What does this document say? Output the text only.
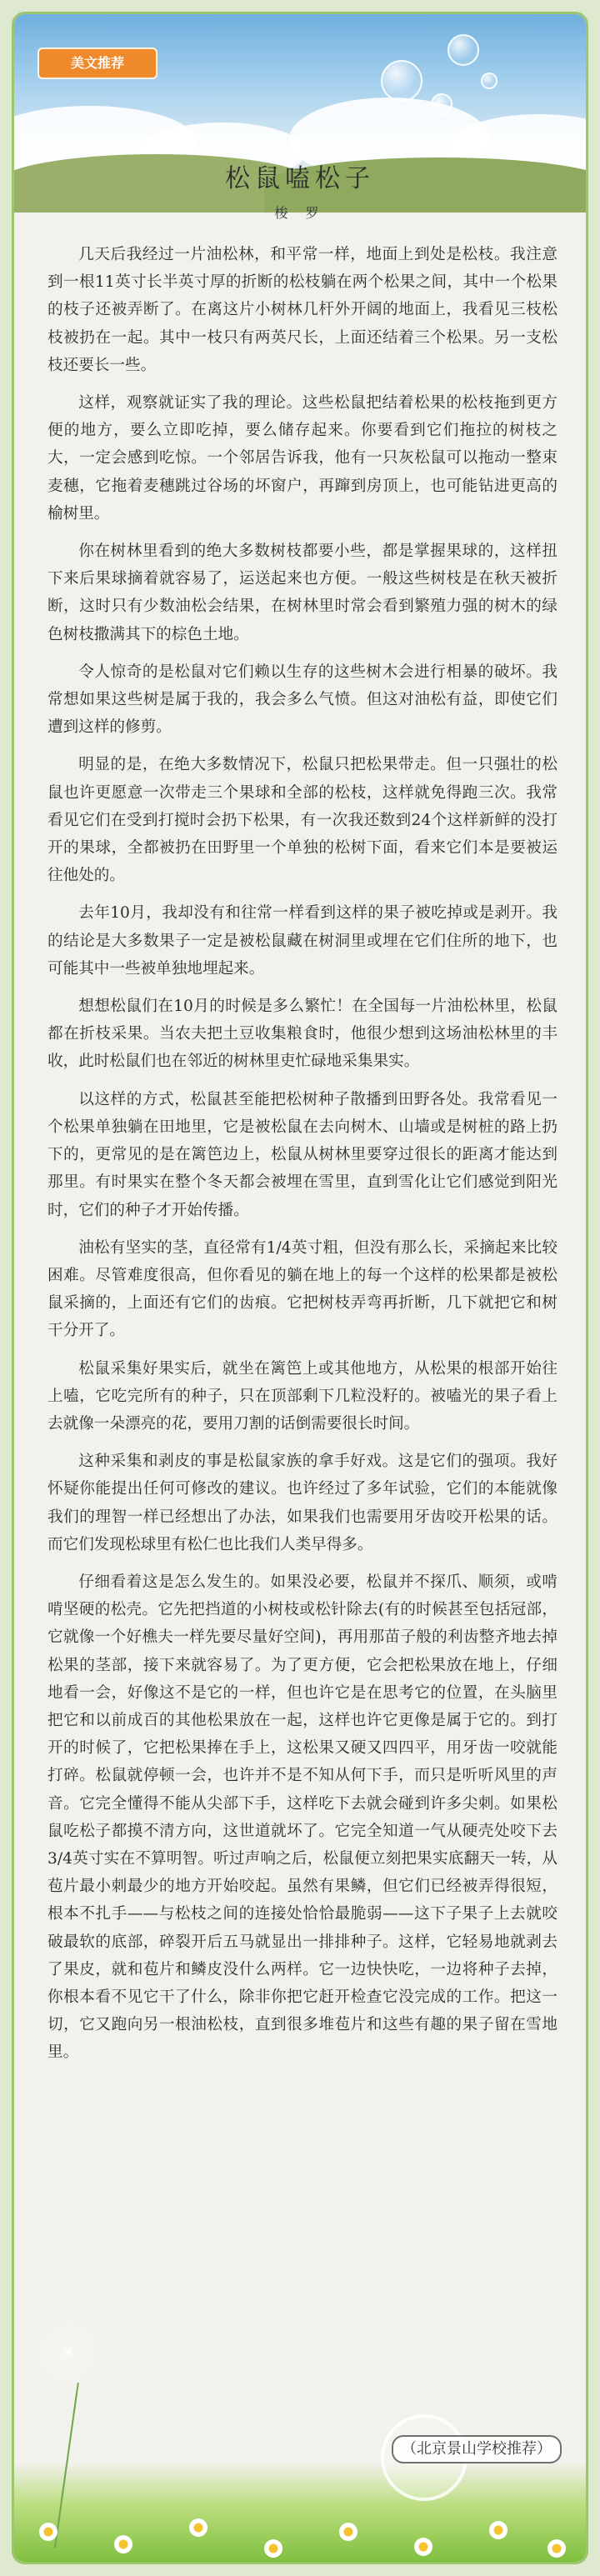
美文推荐
松鼠嗑松子
梭 罗

几天后我经过一片油松林，和平常一样，地面上到处是松枝。我注意到一根11英寸长半英寸厚的折断的松枝躺在两个松果之间，其中一个松果的枝子还被弄断了。在离这片小树林几杆外开阔的地面上，我看见三枝松枝被扔在一起。其中一枝只有两英尺长，上面还结着三个松果。另一支松枝还要长一些。

这样，观察就证实了我的理论。这些松鼠把结着松果的松枝拖到更方便的地方，要么立即吃掉，要么储存起来。你要看到它们拖拉的树枝之大，一定会感到吃惊。一个邻居告诉我，他有一只灰松鼠可以拖动一整束麦穗，它拖着麦穗跳过谷场的坏窗户，再蹿到房顶上，也可能钻进更高的榆树里。

你在树林里看到的绝大多数树枝都要小些，都是掌握果球的，这样扭下来后果球摘着就容易了，运送起来也方便。一般这些树枝是在秋天被折断，这时只有少数油松会结果，在树林里时常会看到繁殖力强的树木的绿色树枝撒满其下的棕色土地。

令人惊奇的是松鼠对它们赖以生存的这些树木会进行相暴的破坏。我常想如果这些树是属于我的，我会多么气愤。但这对油松有益，即使它们遭到这样的修剪。

明显的是，在绝大多数情况下，松鼠只把松果带走。但一只强壮的松鼠也许更愿意一次带走三个果球和全部的松枝，这样就免得跑三次。我常看见它们在受到打搅时会扔下松果，有一次我还数到24个这样新鲜的没打开的果球，全都被扔在田野里一个单独的松树下面，看来它们本是要被运往他处的。

去年10月，我却没有和往常一样看到这样的果子被吃掉或是剥开。我的结论是大多数果子一定是被松鼠藏在树洞里或埋在它们住所的地下，也可能其中一些被单独地埋起来。

想想松鼠们在10月的时候是多么繁忙！在全国每一片油松林里，松鼠都在折枝采果。当农夫把土豆收集粮食时，他很少想到这场油松林里的丰收，此时松鼠们也在邻近的树林里吏忙碌地采集果实。

以这样的方式，松鼠甚至能把松树种子散播到田野各处。我常看见一个松果单独躺在田地里，它是被松鼠在去向树木、山墙或是树桩的路上扔下的，更常见的是在篱笆边上，松鼠从树林里要穿过很长的距离才能达到那里。有时果实在整个冬天都会被埋在雪里，直到雪化让它们感觉到阳光时，它们的种子才开始传播。

油松有坚实的茎，直径常有1/4英寸粗，但没有那么长，采摘起来比较困难。尽管难度很高，但你看见的躺在地上的每一个这样的松果都是被松鼠采摘的，上面还有它们的齿痕。它把树枝弄弯再折断，几下就把它和树干分开了。

松鼠采集好果实后，就坐在篱笆上或其他地方，从松果的根部开始往上嗑，它吃完所有的种子，只在顶部剩下几粒没籽的。被嗑光的果子看上去就像一朵漂亮的花，要用刀割的话倒需要很长时间。

这种采集和剥皮的事是松鼠家族的拿手好戏。这是它们的强项。我好怀疑你能提出任何可修改的建议。也许经过了多年试验，它们的本能就像我们的理智一样已经想出了办法，如果我们也需要用牙齿咬开松果的话。而它们发现松球里有松仁也比我们人类早得多。

仔细看着这是怎么发生的。如果没必要，松鼠并不探爪、顺须，或啃啃坚硬的松壳。它先把挡道的小树枝或松针除去(有的时候甚至包括冠部，它就像一个好樵夫一样先要尽量好空间)，再用那苗子般的利齿整齐地去掉松果的茎部，接下来就容易了。为了更方便，它会把松果放在地上，仔细地看一会，好像这不是它的一样，但也许它是在思考它的位置，在头脑里把它和以前成百的其他松果放在一起，这样也许它更像是属于它的。到打开的时候了，它把松果捧在手上，这松果又硬又四四平，用牙齿一咬就能打碎。松鼠就停顿一会，也许并不是不知从何下手，而只是听听风里的声音。它完全懂得不能从尖部下手，这样吃下去就会碰到许多尖刺。如果松鼠吃松子都摸不清方向，这世道就坏了。它完全知道一气从硬壳处咬下去3/4英寸实在不算明智。听过声响之后，松鼠便立刻把果实底翻天一转，从苞片最小刺最少的地方开始咬起。虽然有果鳞，但它们已经被弄得很短，根本不扎手——与松枝之间的连接处恰恰最脆弱——这下子果子上去就咬破最软的底部，碎裂开后五马就显出一排排种子。这样，它轻易地就剥去了果皮，就和苞片和鳞皮没什么两样。它一边快快吃，一边将种子去掉，你根本看不见它干了什么，除非你把它赶开检查它没完成的工作。把这一切，它又跑向另一根油松枝，直到很多堆苞片和这些有趣的果子留在雪地里。

（北京景山学校推荐）
